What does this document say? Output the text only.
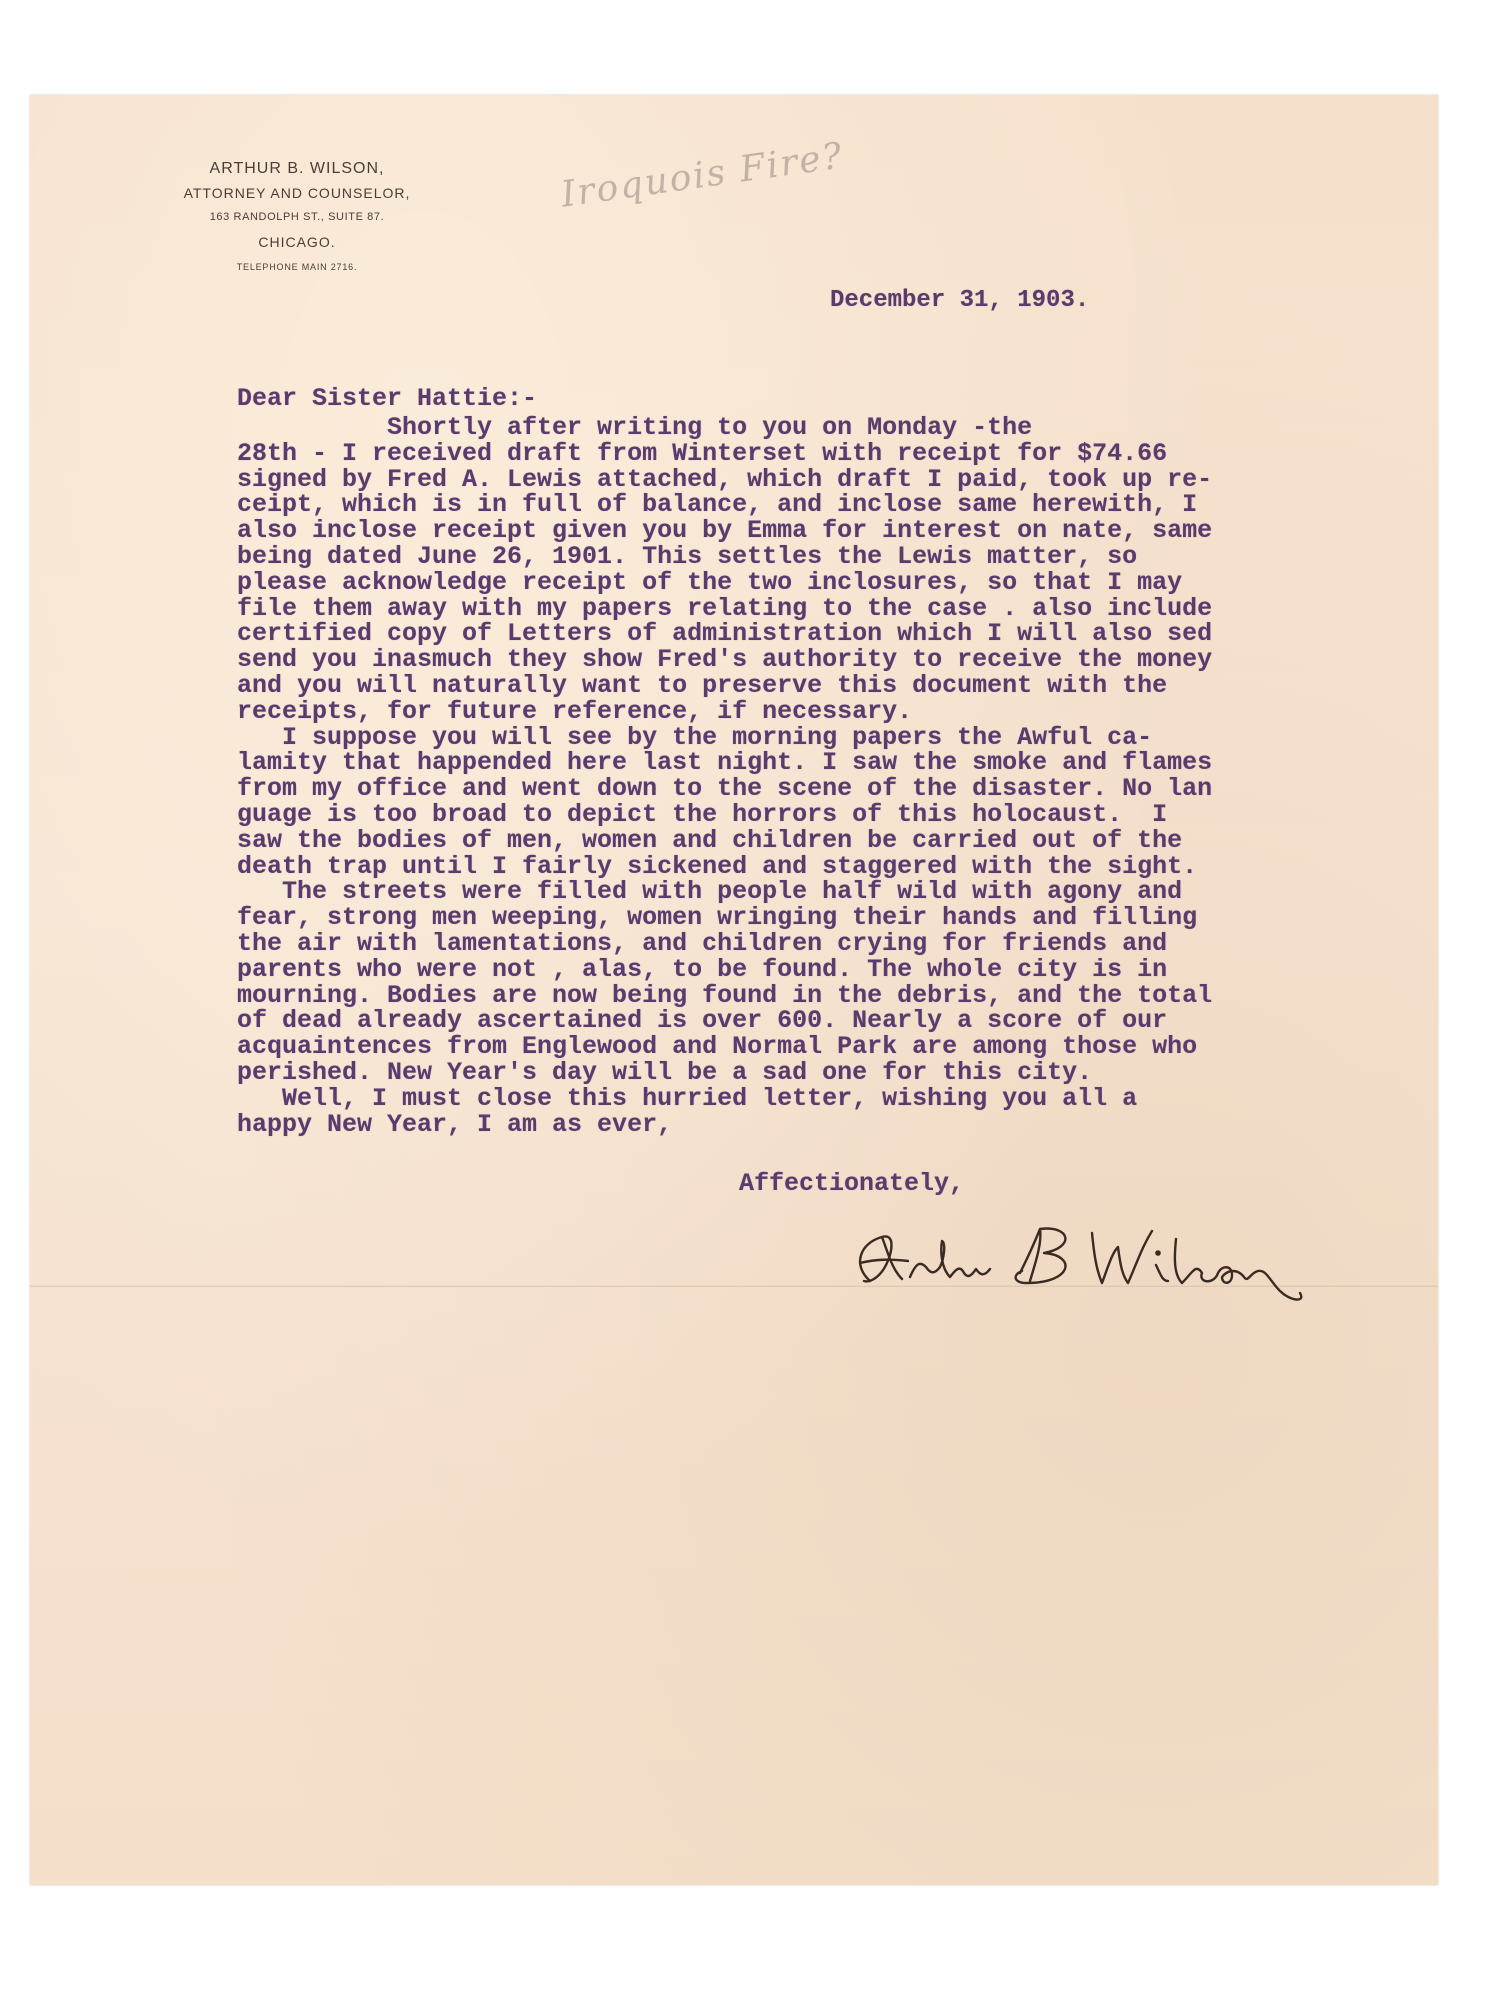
ARTHUR B. WILSON,
ATTORNEY AND COUNSELOR,
163 RANDOLPH ST., SUITE 87.
CHICAGO.
TELEPHONE MAIN 2716.
Iroquois Fire?
December 31, 1903.
Dear Sister Hattie:-
Shortly after writing to you on Monday -the
28th - I received draft from Winterset with receipt for $74.66
signed by Fred A. Lewis attached, which draft I paid, took up re-
ceipt, which is in full of balance, and inclose same herewith, I
also inclose receipt given you by Emma for interest on nate, same
being dated June 26, 1901. This settles the Lewis matter, so
please acknowledge receipt of the two inclosures, so that I may
file them away with my papers relating to the case . also include
certified copy of Letters of administration which I will also sed
send you inasmuch they show Fred's authority to receive the money
and you will naturally want to preserve this document with the
receipts, for future reference, if necessary.
I suppose you will see by the morning papers the Awful ca-
lamity that happended here last night. I saw the smoke and flames
from my office and went down to the scene of the disaster. No lan
guage is too broad to depict the horrors of this holocaust.  I
saw the bodies of men, women and children be carried out of the
death trap until I fairly sickened and staggered with the sight.
The streets were filled with people half wild with agony and
fear, strong men weeping, women wringing their hands and filling
the air with lamentations, and children crying for friends and
parents who were not , alas, to be found. The whole city is in
mourning. Bodies are now being found in the debris, and the total
of dead already ascertained is over 600. Nearly a score of our
acquaintences from Englewood and Normal Park are among those who
perished. New Year's day will be a sad one for this city.
Well, I must close this hurried letter, wishing you all a
happy New Year, I am as ever,
Affectionately,
